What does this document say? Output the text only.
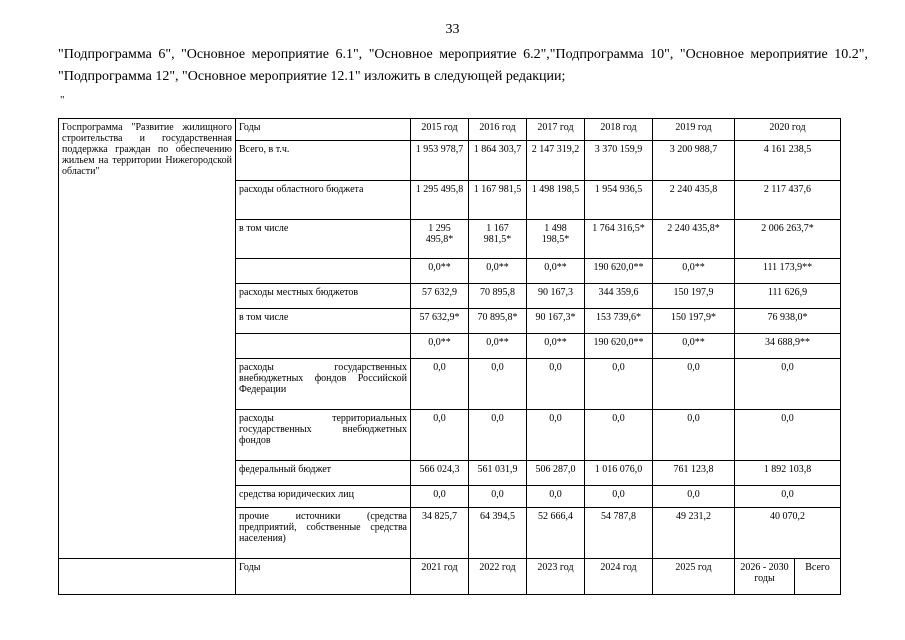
33
"Подпрограмма 6", "Основное мероприятие 6.1", "Основное мероприятие 6.2","Подпрограмма 10", "Основное мероприятие 10.2", "Подпрограмма 12", "Основное мероприятие 12.1" изложить в следующей редакции;
"
Госпрограмма "Развитие жилищного строительства и государственная поддержка граждан по обеспечению жильем на территории Нижегородской области"	Годы	2015 год	2016 год	2017 год	2018 год	2019 год	2020 год	
	Всего, в т.ч.	1 953 978,7	1 864 303,7	2 147 319,2	3 370 159,9	3 200 988,7	4 161 238,5	
	расходы областного бюджета	1 295 495,8	1 167 981,5	1 498 198,5	1 954 936,5	2 240 435,8	2 117 437,6	
	в том числе	1 295 495,8*	1 167 981,5*	1 498 198,5*	1 764 316,5*	2 240 435,8*	2 006 263,7*	
		0,0**	0,0**	0,0**	190 620,0**	0,0**	111 173,9**	
	расходы местных бюджетов	57 632,9	70 895,8	90 167,3	344 359,6	150 197,9	111 626,9	
	в том числе	57 632,9*	70 895,8*	90 167,3*	153 739,6*	150 197,9*	76 938,0*	
		0,0**	0,0**	0,0**	190 620,0**	0,0**	34 688,9**	
	расходы государственных внебюджетных фондов Российской Федерации	0,0	0,0	0,0	0,0	0,0	0,0	
	расходы территориальных государственных внебюджетных фондов	0,0	0,0	0,0	0,0	0,0	0,0	
	федеральный бюджет	566 024,3	561 031,9	506 287,0	1 016 076,0	761 123,8	1 892 103,8	
	средства юридических лиц	0,0	0,0	0,0	0,0	0,0	0,0	
	прочие источники (средства предприятий, собственные средства населения)	34 825,7	64 394,5	52 666,4	54 787,8	49 231,2	40 070,2	
	Годы	2021 год	2022 год	2023 год	2024 год	2025 год	2026 - 2030 годы	Всего
